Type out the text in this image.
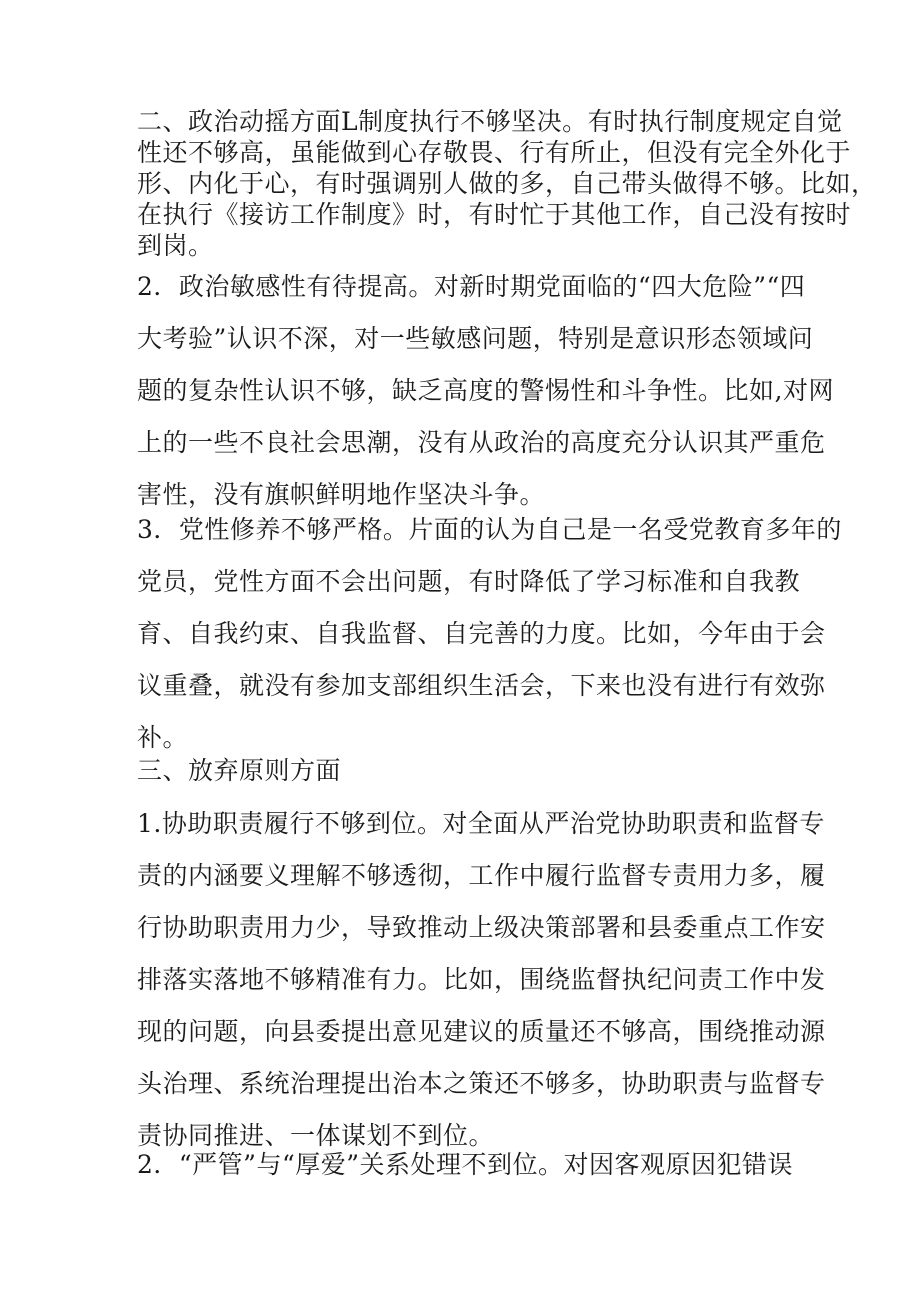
二、政治动摇方面L制度执行不够坚决。有时执行制度规定自觉
性还不够高，虽能做到心存敬畏、行有所止，但没有完全外化于
形、内化于心，有时强调别人做的多，自己带头做得不够。比如，
在执行《接访工作制度》时，有时忙于其他工作，自己没有按时
到岗。
2．政治敏感性有待提高。对新时期党面临的“四大危险”“四
大考验”认识不深，对一些敏感问题，特别是意识形态领域问
题的复杂性认识不够，缺乏高度的警惕性和斗争性。比如,对网
上的一些不良社会思潮，没有从政治的高度充分认识其严重危
害性，没有旗帜鲜明地作坚决斗争。
3．党性修养不够严格。片面的认为自己是一名受党教育多年的
党员，党性方面不会出问题，有时降低了学习标准和自我教
育、自我约束、自我监督、自完善的力度。比如，今年由于会
议重叠，就没有参加支部组织生活会，下来也没有进行有效弥
补。
三、放弃原则方面
1.协助职责履行不够到位。对全面从严治党协助职责和监督专
责的内涵要义理解不够透彻，工作中履行监督专责用力多，履
行协助职责用力少，导致推动上级决策部署和县委重点工作安
排落实落地不够精准有力。比如，围绕监督执纪问责工作中发
现的问题，向县委提出意见建议的质量还不够高，围绕推动源
头治理、系统治理提出治本之策还不够多，协助职责与监督专
责协同推进、一体谋划不到位。
2．“严管”与“厚爱”关系处理不到位。对因客观原因犯错误
